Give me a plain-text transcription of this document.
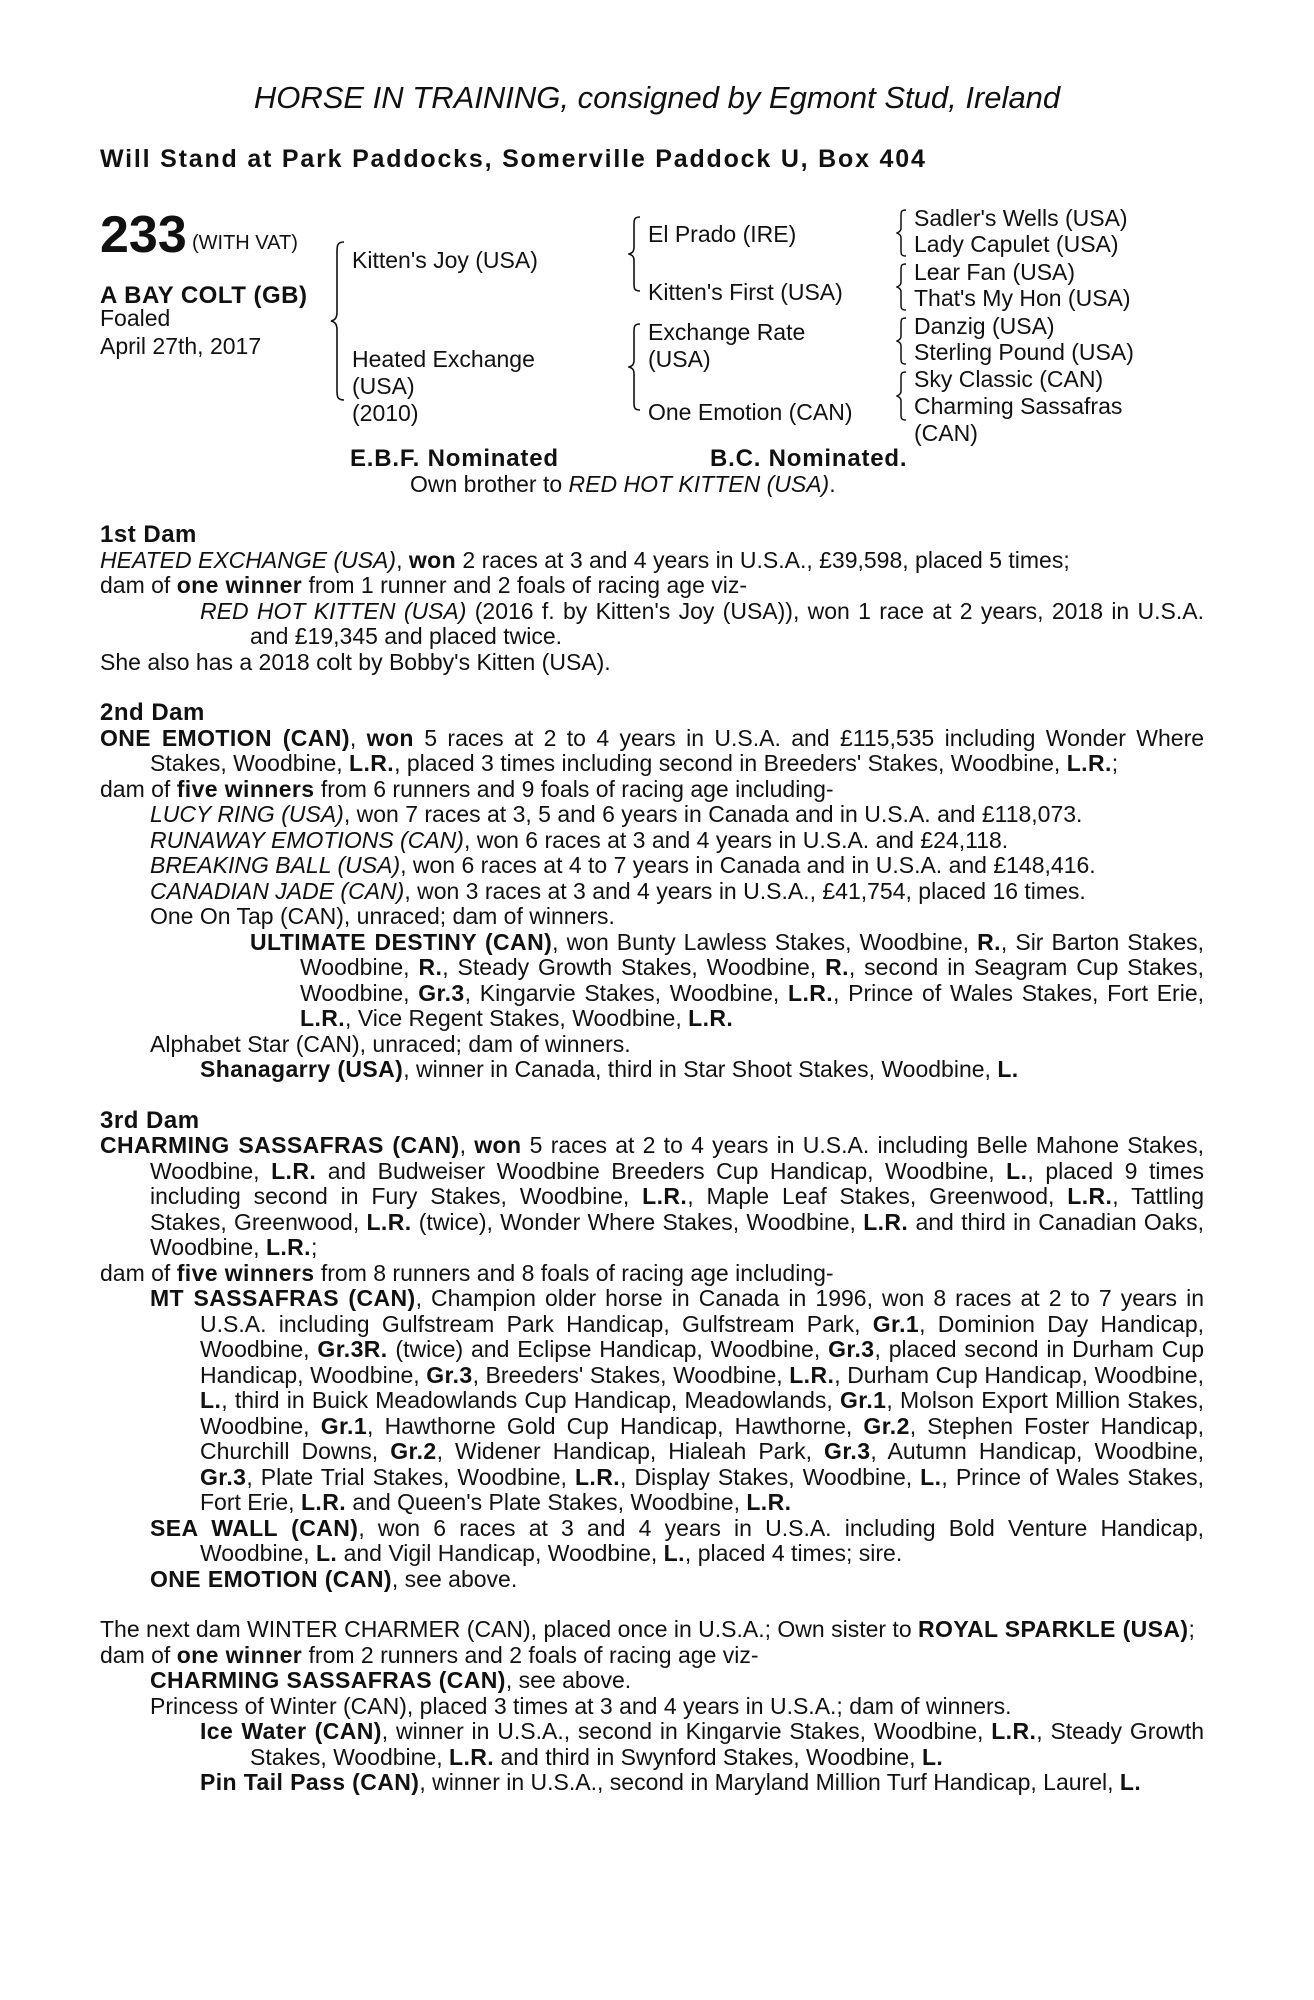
HORSE IN TRAINING, consigned by Egmont Stud, Ireland
Will Stand at Park Paddocks, Somerville Paddock U, Box 404
233 (WITH VAT)
A BAY COLT (GB)
Foaled
April 27th, 2017
Kitten's Joy (USA)
Heated Exchange
(USA)
(2010)
El Prado (IRE)
Kitten's First (USA)
Exchange Rate
(USA)
One Emotion (CAN)
Sadler's Wells (USA)
Lady Capulet (USA)
Lear Fan (USA)
That's My Hon (USA)
Danzig (USA)
Sterling Pound (USA)
Sky Classic (CAN)
Charming Sassafras
(CAN)
E.B.F. Nominated	B.C. Nominated.
Own brother to RED HOT KITTEN (USA).

1st Dam

HEATED EXCHANGE (USA), won 2 races at 3 and 4 years in U.S.A., £39,598, placed 5 times;

dam of one winner from 1 runner and 2 foals of racing age viz-

RED HOT KITTEN (USA) (2016 f. by Kitten's Joy (USA)), won 1 race at 2 years, 2018 in U.S.A. and £19,345 and placed twice.

She also has a 2018 colt by Bobby's Kitten (USA).

2nd Dam

ONE EMOTION (CAN), won 5 races at 2 to 4 years in U.S.A. and £115,535 including Wonder Where Stakes, Woodbine, L.R., placed 3 times including second in Breeders' Stakes, Woodbine, L.R.;

dam of five winners from 6 runners and 9 foals of racing age including-

LUCY RING (USA), won 7 races at 3, 5 and 6 years in Canada and in U.S.A. and £118,073.

RUNAWAY EMOTIONS (CAN), won 6 races at 3 and 4 years in U.S.A. and £24,118.

BREAKING BALL (USA), won 6 races at 4 to 7 years in Canada and in U.S.A. and £148,416.

CANADIAN JADE (CAN), won 3 races at 3 and 4 years in U.S.A., £41,754, placed 16 times.

One On Tap (CAN), unraced; dam of winners.

ULTIMATE DESTINY (CAN), won Bunty Lawless Stakes, Woodbine, R., Sir Barton Stakes, Woodbine, R., Steady Growth Stakes, Woodbine, R., second in Seagram Cup Stakes, Woodbine, Gr.3, Kingarvie Stakes, Woodbine, L.R., Prince of Wales Stakes, Fort Erie, L.R., Vice Regent Stakes, Woodbine, L.R.

Alphabet Star (CAN), unraced; dam of winners.

Shanagarry (USA), winner in Canada, third in Star Shoot Stakes, Woodbine, L.

3rd Dam

CHARMING SASSAFRAS (CAN), won 5 races at 2 to 4 years in U.S.A. including Belle Mahone Stakes, Woodbine, L.R. and Budweiser Woodbine Breeders Cup Handicap, Woodbine, L., placed 9 times including second in Fury Stakes, Woodbine, L.R., Maple Leaf Stakes, Greenwood, L.R., Tattling Stakes, Greenwood, L.R. (twice), Wonder Where Stakes, Woodbine, L.R. and third in Canadian Oaks, Woodbine, L.R.;

dam of five winners from 8 runners and 8 foals of racing age including-

MT SASSAFRAS (CAN), Champion older horse in Canada in 1996, won 8 races at 2 to 7 years in U.S.A. including Gulfstream Park Handicap, Gulfstream Park, Gr.1, Dominion Day Handicap, Woodbine, Gr.3R. (twice) and Eclipse Handicap, Woodbine, Gr.3, placed second in Durham Cup Handicap, Woodbine, Gr.3, Breeders' Stakes, Woodbine, L.R., Durham Cup Handicap, Woodbine, L., third in Buick Meadowlands Cup Handicap, Meadowlands, Gr.1, Molson Export Million Stakes, Woodbine, Gr.1, Hawthorne Gold Cup Handicap, Hawthorne, Gr.2, Stephen Foster Handicap, Churchill Downs, Gr.2, Widener Handicap, Hialeah Park, Gr.3, Autumn Handicap, Woodbine, Gr.3, Plate Trial Stakes, Woodbine, L.R., Display Stakes, Woodbine, L., Prince of Wales Stakes, Fort Erie, L.R. and Queen's Plate Stakes, Woodbine, L.R.

SEA WALL (CAN), won 6 races at 3 and 4 years in U.S.A. including Bold Venture Handicap, Woodbine, L. and Vigil Handicap, Woodbine, L., placed 4 times; sire.

ONE EMOTION (CAN), see above.

The next dam WINTER CHARMER (CAN), placed once in U.S.A.; Own sister to ROYAL SPARKLE (USA);

dam of one winner from 2 runners and 2 foals of racing age viz-

CHARMING SASSAFRAS (CAN), see above.

Princess of Winter (CAN), placed 3 times at 3 and 4 years in U.S.A.; dam of winners.

Ice Water (CAN), winner in U.S.A., second in Kingarvie Stakes, Woodbine, L.R., Steady Growth Stakes, Woodbine, L.R. and third in Swynford Stakes, Woodbine, L.

Pin Tail Pass (CAN), winner in U.S.A., second in Maryland Million Turf Handicap, Laurel, L.
